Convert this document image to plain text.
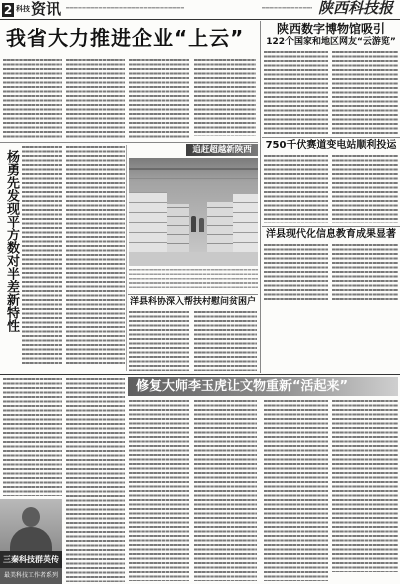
2 科技 资讯	陕西科技报
我省大力推进企业“上云”
杨勇先发现平方数对半差新特性	追赶超越新陕西
洋县科协深入帮扶村慰问贫困户
陕西数字博物馆吸引
122个国家和地区网友“云游览”
750千伏赛道变电站顺利投运
洋县现代化信息教育成果显著
三秦科技群英传
最美科技工作者系列
修复大师李玉虎让文物重新“活起来”
